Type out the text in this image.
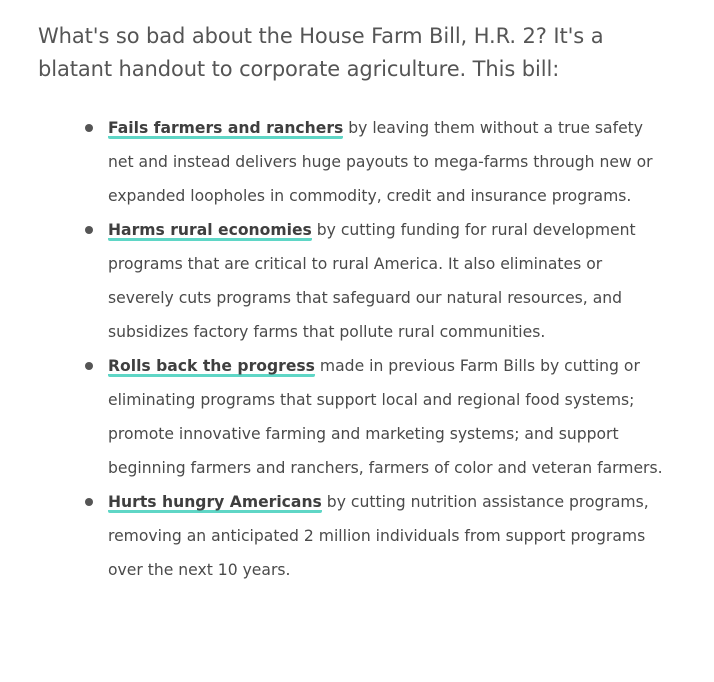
What's so bad about the House Farm Bill, H.R. 2? It's a blatant handout to corporate agriculture. This bill:

Fails farmers and ranchers by leaving them without a true safety net and instead delivers huge payouts to mega-farms through new or expanded loopholes in commodity, credit and insurance programs.
Harms rural economies by cutting funding for rural development programs that are critical to rural America. It also eliminates or severely cuts programs that safeguard our natural resources, and subsidizes factory farms that pollute rural communities.
Rolls back the progress made in previous Farm Bills by cutting or eliminating programs that support local and regional food systems; promote innovative farming and marketing systems; and support beginning farmers and ranchers, farmers of color and veteran farmers.
Hurts hungry Americans by cutting nutrition assistance programs, removing an anticipated 2 million individuals from support programs over the next 10 years.
